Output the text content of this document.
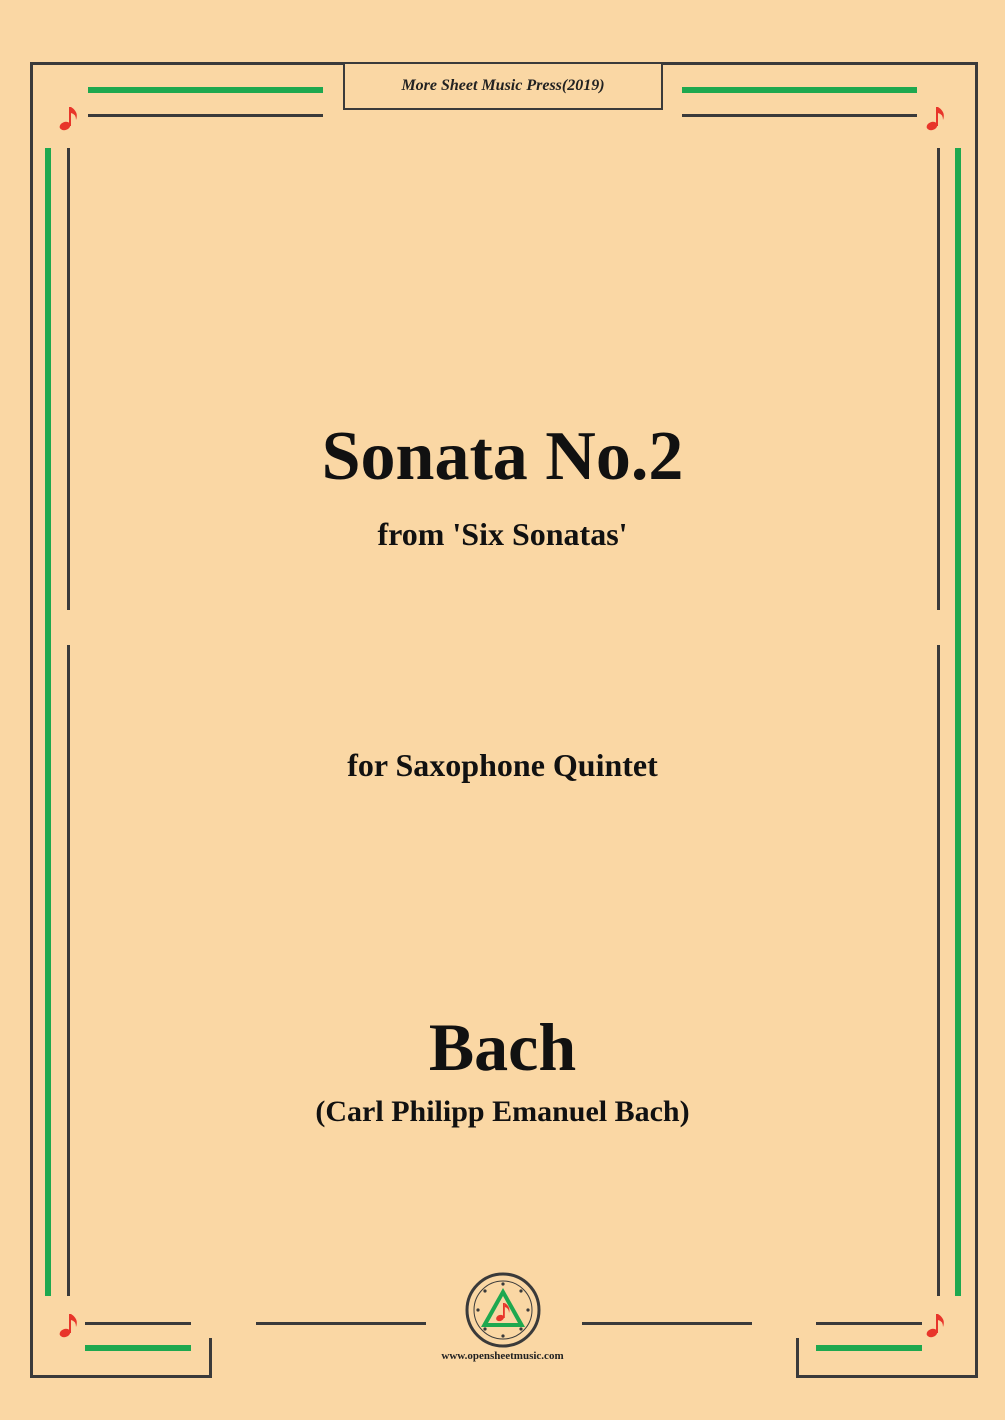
More Sheet Music Press(2019)
Sonata No.2
from 'Six Sonatas'
for Saxophone Quintet
Bach
(Carl Philipp Emanuel Bach)
www.opensheetmusic.com
